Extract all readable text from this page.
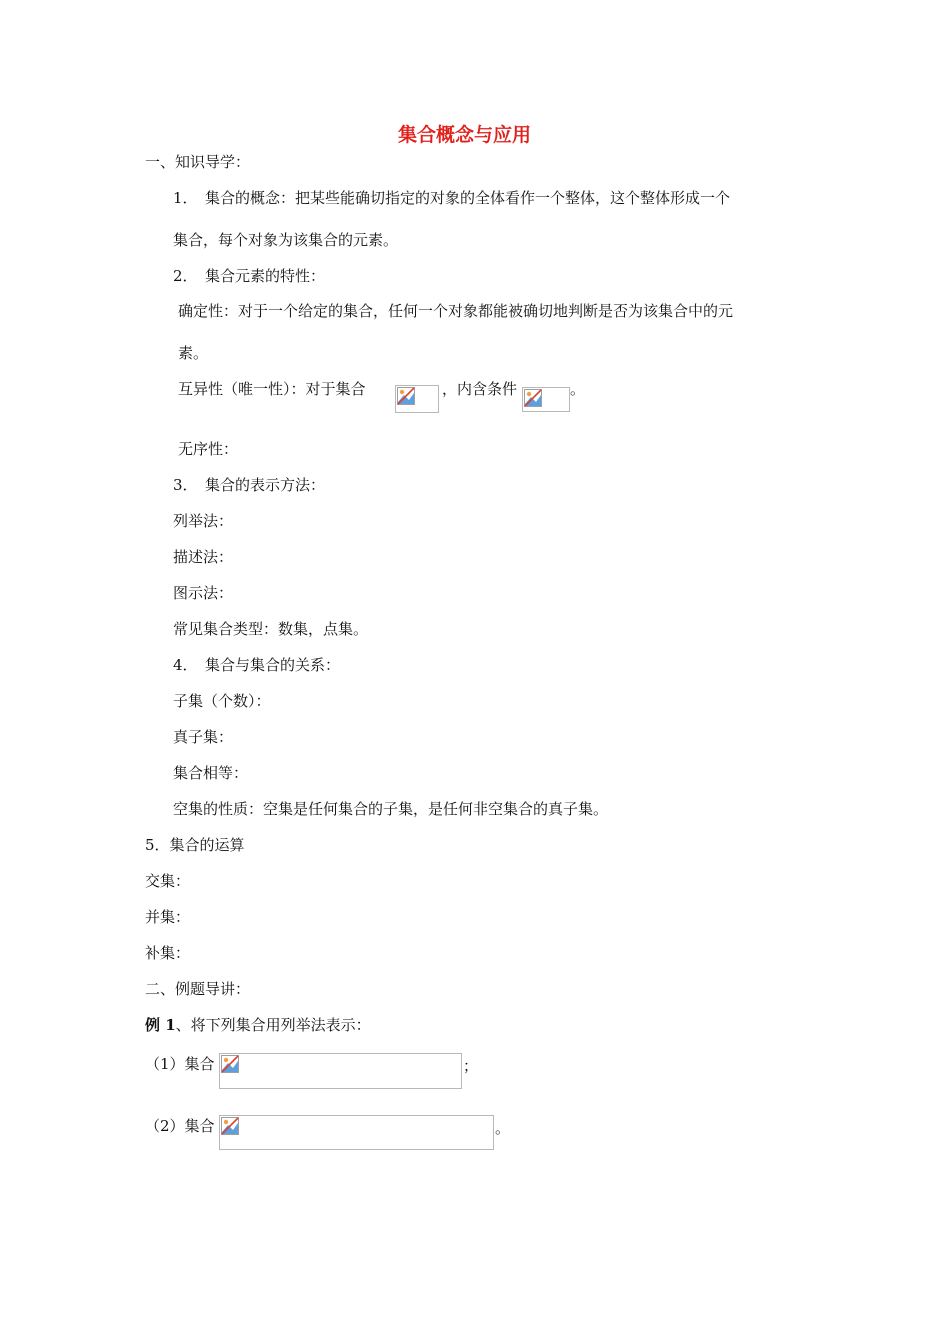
集合概念与应用
一、知识导学：
1．　集合的概念：把某些能确切指定的对象的全体看作一个整体，这个整体形成一个
集合，每个对象为该集合的元素。
2．　集合元素的特性：
确定性：对于一个给定的集合，任何一个对象都能被确切地判断是否为该集合中的元
素。
互异性（唯一性）：对于集合	，内含条件	。
无序性：
3．　集合的表示方法：
列举法：
描述法：
图示法：
常见集合类型：数集，点集。
4．　集合与集合的关系：
子集（个数）：
真子集：
集合相等：
空集的性质：空集是任何集合的子集，是任何非空集合的真子集。
5．集合的运算
交集：
并集：
补集：
二、例题导讲：
例 1、将下列集合用列举法表示：
（1）集合	；
（2）集合	。
